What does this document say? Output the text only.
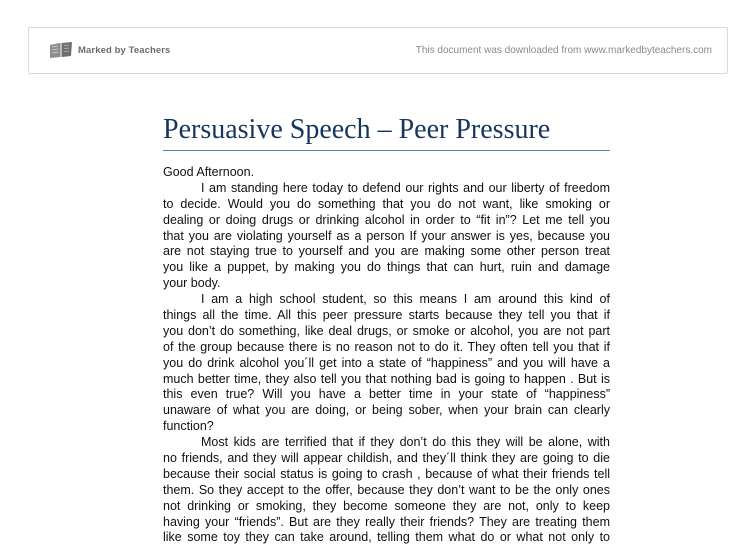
Marked by Teachers	This document was downloaded from www.markedbyteachers.com
Persuasive Speech – Peer Pressure
Good Afternoon.
I am standing here today to defend our rights and our liberty of freedom
to decide. Would you do something that you do not want, like smoking or
dealing or doing drugs or drinking alcohol in order to “fit in”? Let me tell you
that you are violating yourself as a person If your answer is yes, because you
are not staying true to yourself and you are making some other person treat
you like a puppet, by making you do things that can hurt, ruin and damage
your body.
I am a high school student, so this means I am around this kind of
things all the time. All this peer pressure starts because they tell you that if
you don’t do something, like deal drugs, or smoke or alcohol, you are not part
of the group because there is no reason not to do it. They often tell you that if
you do drink alcohol you´ll get into a state of “happiness” and you will have a
much better time, they also tell you that nothing bad is going to happen . But is
this even true? Will you have a better time in your state of “happiness”
unaware of what you are doing, or being sober, when your brain can clearly
function?
Most kids are terrified that if they don’t do this they will be alone, with
no friends, and they will appear childish, and they´ll think they are going to die
because their social status is going to crash , because of what their friends tell
them. So they accept to the offer, because they don’t want to be the only ones
not drinking or smoking, they become someone they are not, only to keep
having your “friends”. But are they really their friends? They are treating them
like some toy they can take around, telling them what do or what not only to
